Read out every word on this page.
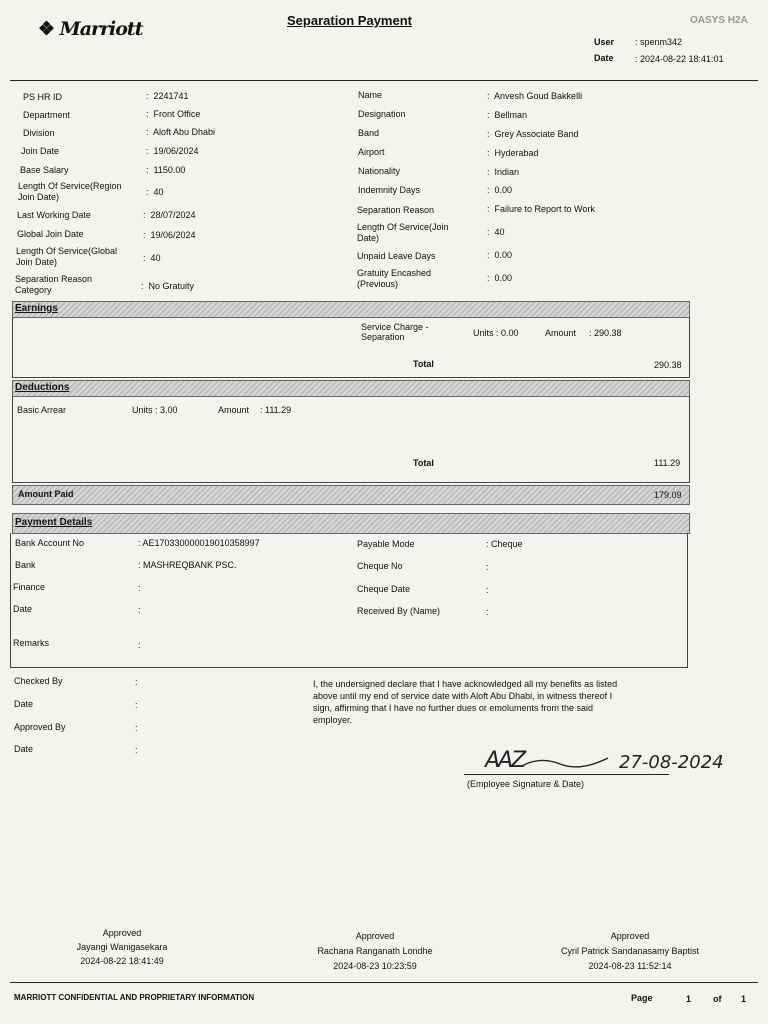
❖ Marriott	Separation Payment	OASYS H2A
User : spenm342
Date : 2024-08-22 18:41:01
PS HR ID	:  2241741
Department	:  Front Office
Division	:  Aloft Abu Dhabi
Join Date	:  19/06/2024
Base Salary	:  1150.00
Length Of Service(Region Join Date)	:  40
Last Working Date	:  28/07/2024
Global Join Date	:  19/06/2024
Length Of Service(Global Join Date)	:  40
Separation Reason Category	:  No Gratuity
Name	:  Anvesh Goud Bakkelli
Designation	:  Bellman
Band	:  Grey Associate Band
Airport	:  Hyderabad
Nationality	:  Indian
Indemnity Days	:  0.00
Separation Reason	:  Failure to Report to Work
Length Of Service(Join Date)
:  40
Unpaid Leave Days	:  0.00
Gratuity Encashed (Previous)
:  0.00
Earnings
Service Charge - Separation	Units : 0.00	Amount : 290.38
Total	290.38
Deductions
Basic Arrear	Units : 3.00	Amount : 111.29
Total	111.29
Amount Paid	179.09
Payment Details
Bank Account No	: AE170330000019010358997
Bank	: MASHREQBANK PSC.
Finance	:
Date	:
Remarks	:
Payable Mode	: Cheque
Cheque No	:
Cheque Date	:
Received By (Name)	:
Checked By	:
Date	:
Approved By	:
Date	:
I, the undersigned declare that I have acknowledged all my benefits as listed
above until my end of service date with Aloft Abu Dhabi, in witness thereof I
sign, affirming that I have no further dues or emoluments from the said
employer.
AAZ	27-08-2024
(Employee Signature & Date)
Approved
Jayangi Wanigasekara
2024-08-22 18:41:49
Approved
Rachana Ranganath Londhe
2024-08-23 10:23:59
Approved
Cyril Patrick Sandanasamy Baptist
2024-08-23 11:52:14
MARRIOTT CONFIDENTIAL AND PROPRIETARY INFORMATION	Page	1 of 1
